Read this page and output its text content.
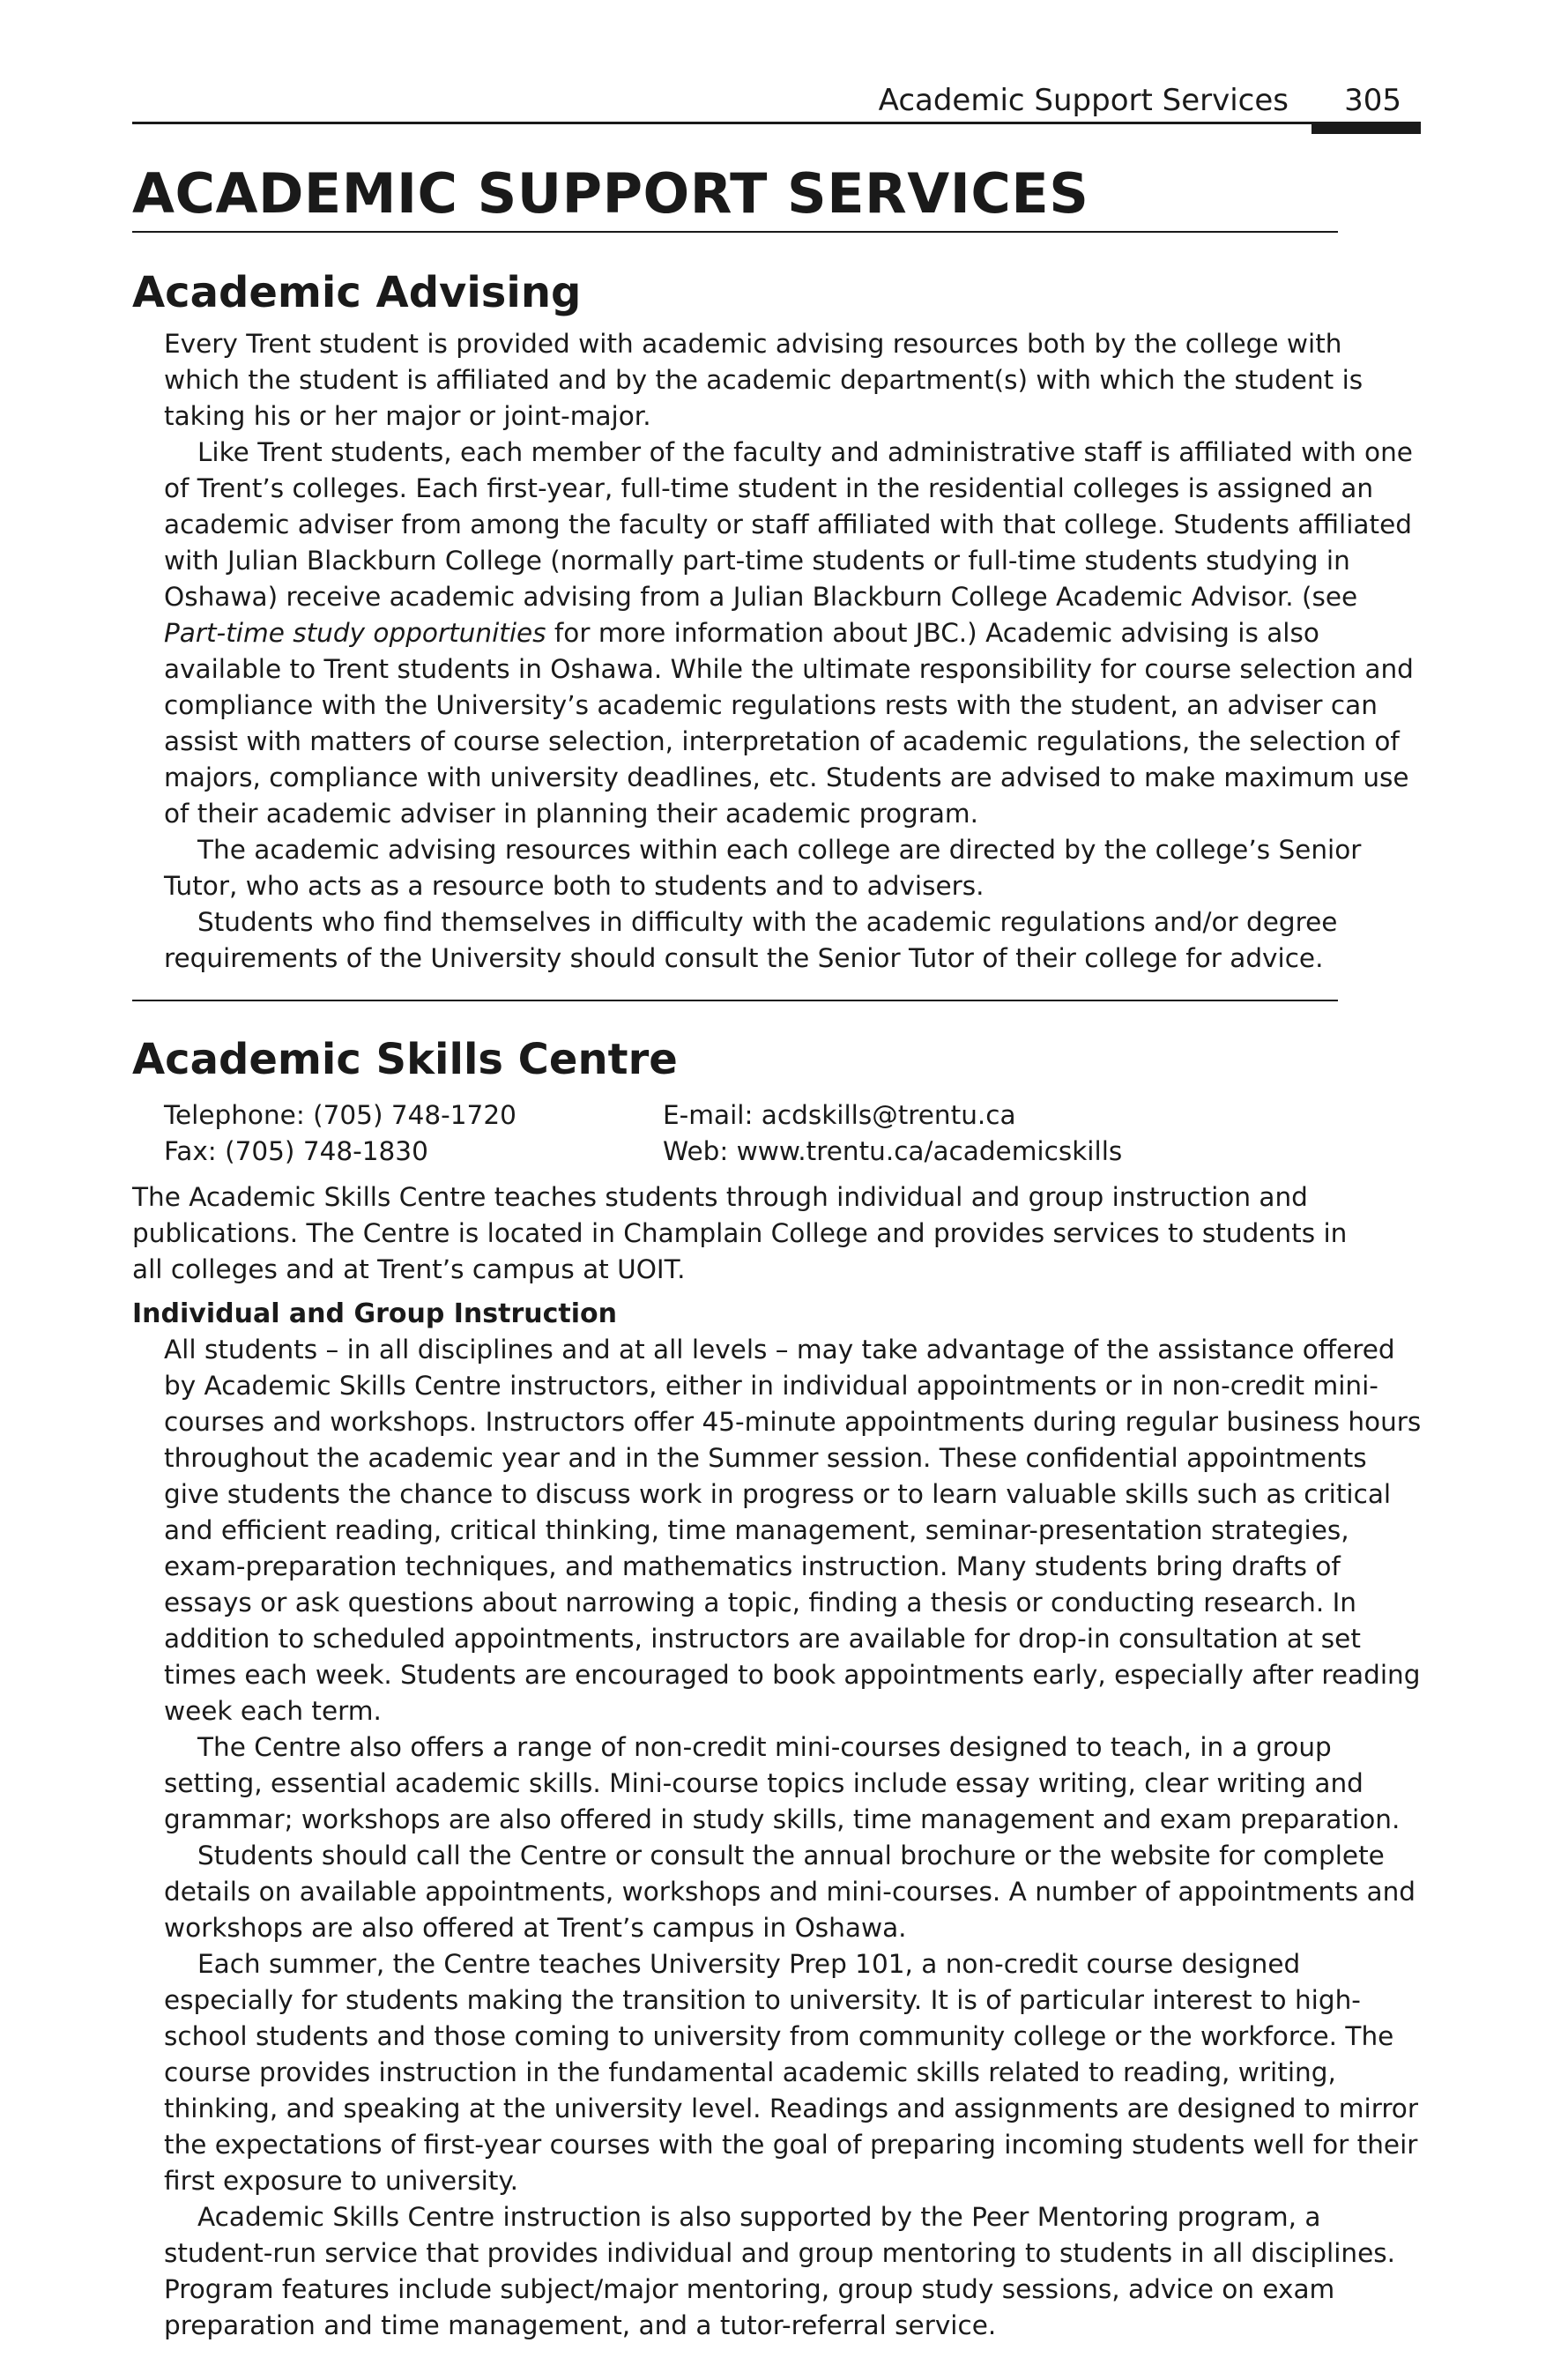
Academic Support Services 305
ACADEMIC SUPPORT SERVICES
Academic Advising

Every Trent student is provided with academic advising resources both by the college with which the student is affiliated and by the academic department(s) with which the student is taking his or her major or joint-major.

Like Trent students, each member of the faculty and administrative staff is affiliated with one of Trent’s colleges. Each first-year, full-time student in the residential colleges is assigned an academic adviser from among the faculty or staff affiliated with that college. Students affiliated with Julian Blackburn College (normally part-time students or full-time students studying in Oshawa) receive academic advising from a Julian Blackburn College Academic Advisor. (see Part-time study opportunities for more information about JBC.) Academic advising is also available to Trent students in Oshawa. While the ultimate responsibility for course selection and compliance with the University’s academic regulations rests with the student, an adviser can assist with matters of course selection, interpretation of academic regulations, the selection of majors, compliance with university deadlines, etc. Students are advised to make maximum use of their academic adviser in planning their academic program.

The academic advising resources within each college are directed by the college’s Senior Tutor, who acts as a resource both to students and to advisers.

Students who find themselves in difficulty with the academic regulations and/or degree requirements of the University should consult the Senior Tutor of their college for advice.

Academic Skills Centre
Telephone: (705) 748-1720	E-mail: acdskills@trentu.ca
Fax: (705) 748-1830	Web: www.trentu.ca/academicskills

The Academic Skills Centre teaches students through individual and group instruction and publications. The Centre is located in Champlain College and provides services to students in all colleges and at Trent’s campus at UOIT.

Individual and Group Instruction

All students – in all disciplines and at all levels – may take advantage of the assistance offered by Academic Skills Centre instructors, either in individual appointments or in non-credit mini-courses and workshops. Instructors offer 45-minute appointments during regular business hours throughout the academic year and in the Summer session. These confidential appointments give students the chance to discuss work in progress or to learn valuable skills such as critical and efficient reading, critical thinking, time management, seminar-presentation strategies, exam-preparation techniques, and mathematics instruction. Many students bring drafts of essays or ask questions about narrowing a topic, finding a thesis or conducting research. In addition to scheduled appointments, instructors are available for drop-in consultation at set times each week. Students are encouraged to book appointments early, especially after reading week each term.

The Centre also offers a range of non-credit mini-courses designed to teach, in a group setting, essential academic skills. Mini-course topics include essay writing, clear writing and grammar; workshops are also offered in study skills, time management and exam preparation.

Students should call the Centre or consult the annual brochure or the website for complete details on available appointments, workshops and mini-courses. A number of appointments and workshops are also offered at Trent’s campus in Oshawa.

Each summer, the Centre teaches University Prep 101, a non-credit course designed especially for students making the transition to university. It is of particular interest to high-school students and those coming to university from community college or the workforce. The course provides instruction in the fundamental academic skills related to reading, writing, thinking, and speaking at the university level. Readings and assignments are designed to mirror the expectations of first-year courses with the goal of preparing incoming students well for their first exposure to university.

Academic Skills Centre instruction is also supported by the Peer Mentoring program, a student-run service that provides individual and group mentoring to students in all disciplines. Program features include subject/major mentoring, group study sessions, advice on exam preparation and time management, and a tutor-referral service.
